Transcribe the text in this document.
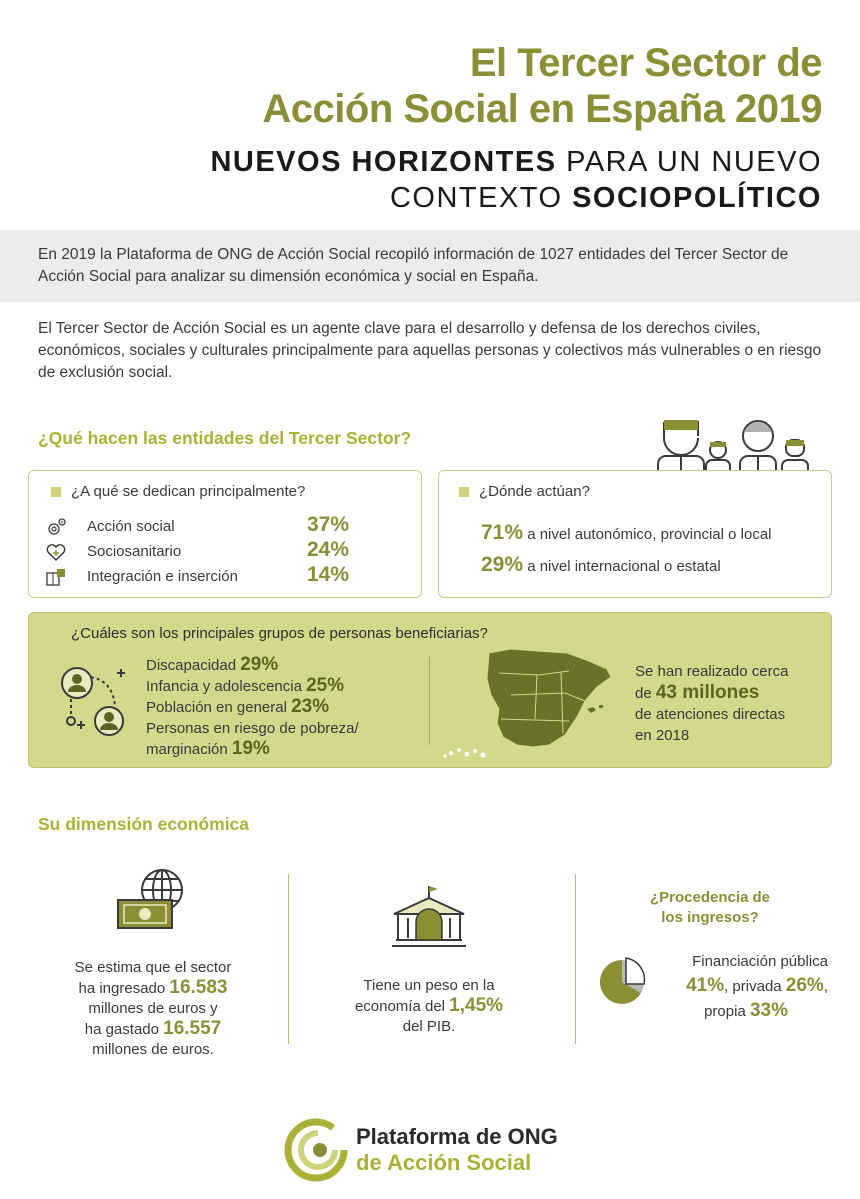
El Tercer Sector de
Acción Social en España 2019
NUEVOS HORIZONTES PARA UN NUEVO
CONTEXTO SOCIOPOLÍTICO

En 2019 la Plataforma de ONG de Acción Social recopiló información de 1027 entidades del Tercer Sector de Acción Social para analizar su dimensión económica y social en España.

El Tercer Sector de Acción Social es un agente clave para el desarrollo y defensa de los derechos civiles, económicos, sociales y culturales principalmente para aquellas personas y colectivos más vulnerables o en riesgo de exclusión social.

¿Qué hacen las entidades del Tercer Sector?
¿A qué se dedican principalmente?
Acción social	37%
Sociosanitario	24%
Integración e inserción	14%
¿Dónde actúan?
71% a nivel autonómico, provincial o local
29% a nivel internacional o estatal
¿Cuáles son los principales grupos de personas beneficiarias?
Discapacidad 29%
Infancia y adolescencia 25%
Población en general 23%
Personas en riesgo de pobreza/
marginación 19%
Se han realizado cerca
de 43 millones
de atenciones directas
en 2018
Su dimensión económica
Se estima que el sector
ha ingresado 16.583
millones de euros y
ha gastado 16.557
millones de euros.
Tiene un peso en la
economía del 1,45%
del PIB.
¿Procedencia de
los ingresos?
Financiación pública
41%, privada 26%,
propia 33%
Plataforma de ONG
de Acción Social
